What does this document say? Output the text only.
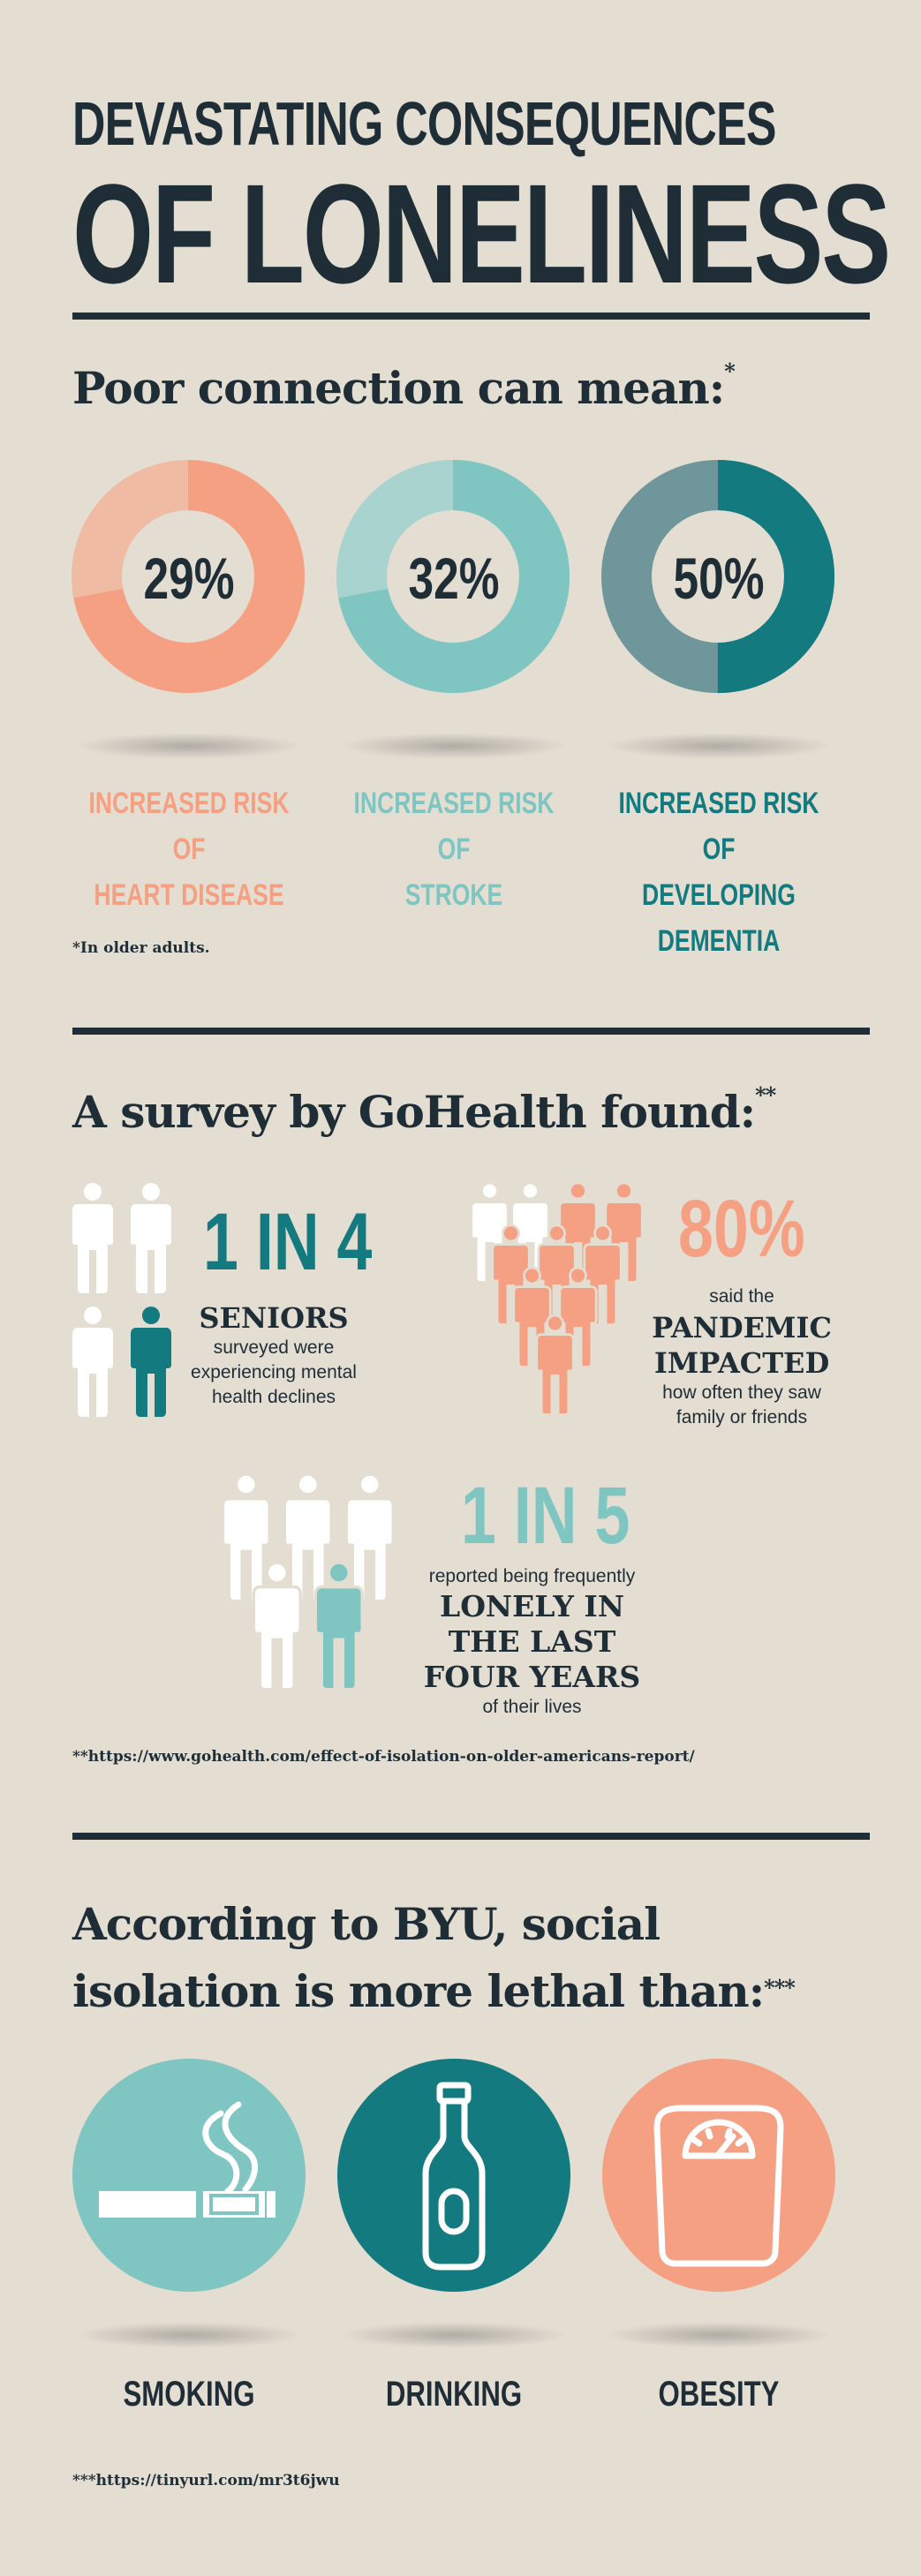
DEVASTATING CONSEQUENCES
OF LONELINESS
Poor connection can mean:*
29%	32%	50%
INCREASED RISK OF
HEART DISEASE
INCREASED RISK OF
STROKE
INCREASED RISK OF
DEVELOPING DEMENTIA
*In older adults.
A survey by GoHealth found:**
1 IN 4
SENIORS
surveyed were
experiencing mental
health declines
80%
said the
PANDEMIC
IMPACTED
how often they saw
family or friends
1 IN 5
reported being frequently
LONELY IN
THE LAST
FOUR YEARS
of their lives
**https://www.gohealth.com/effect-of-isolation-on-older-americans-report/
According to BYU, social
isolation is more lethal than:***
SMOKING	DRINKING	OBESITY
***https://tinyurl.com/mr3t6jwu
